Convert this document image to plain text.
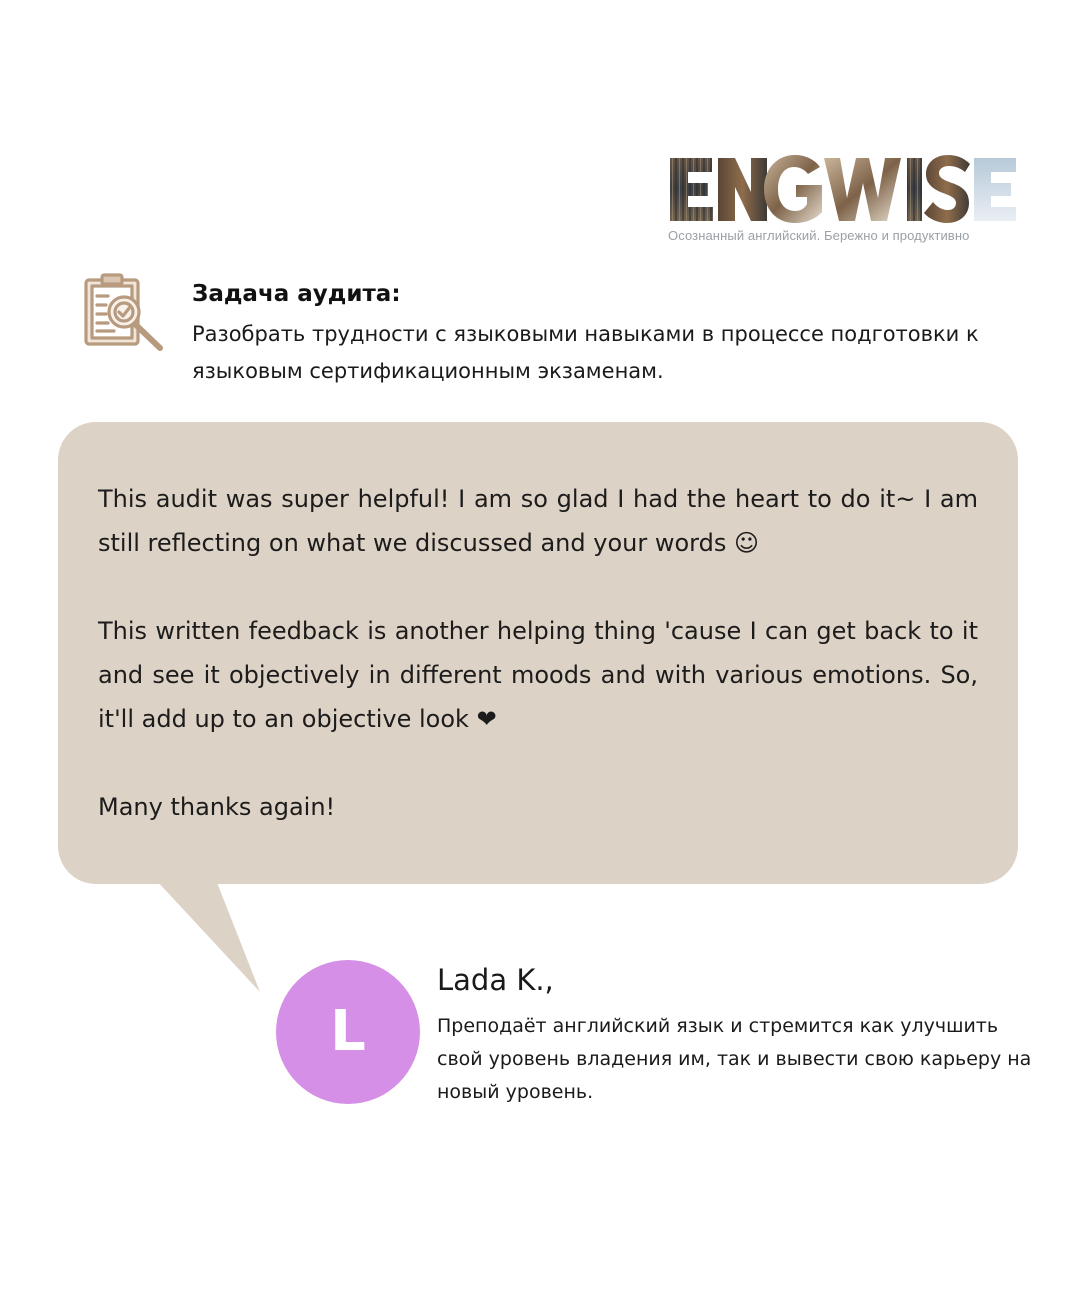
Осознанный английский. Бережно и продуктивно
Задача аудита:
Разобрать трудности с языковыми навыками в процессе подготовки к языковым сертификационным экзаменам.

This audit was super helpful! I am so glad I had the heart to do it~ I am still reflecting on what we discussed and your words ☺

This written feedback is another helping thing 'cause I can get back to it and see it objectively in different moods and with various emotions. So, it'll add up to an objective look ❤

Many thanks again!

L
Lada K.,
Преподаёт английский язык и стремится как улучшить свой уровень владения им, так и вывести свою карьеру на новый уровень.
